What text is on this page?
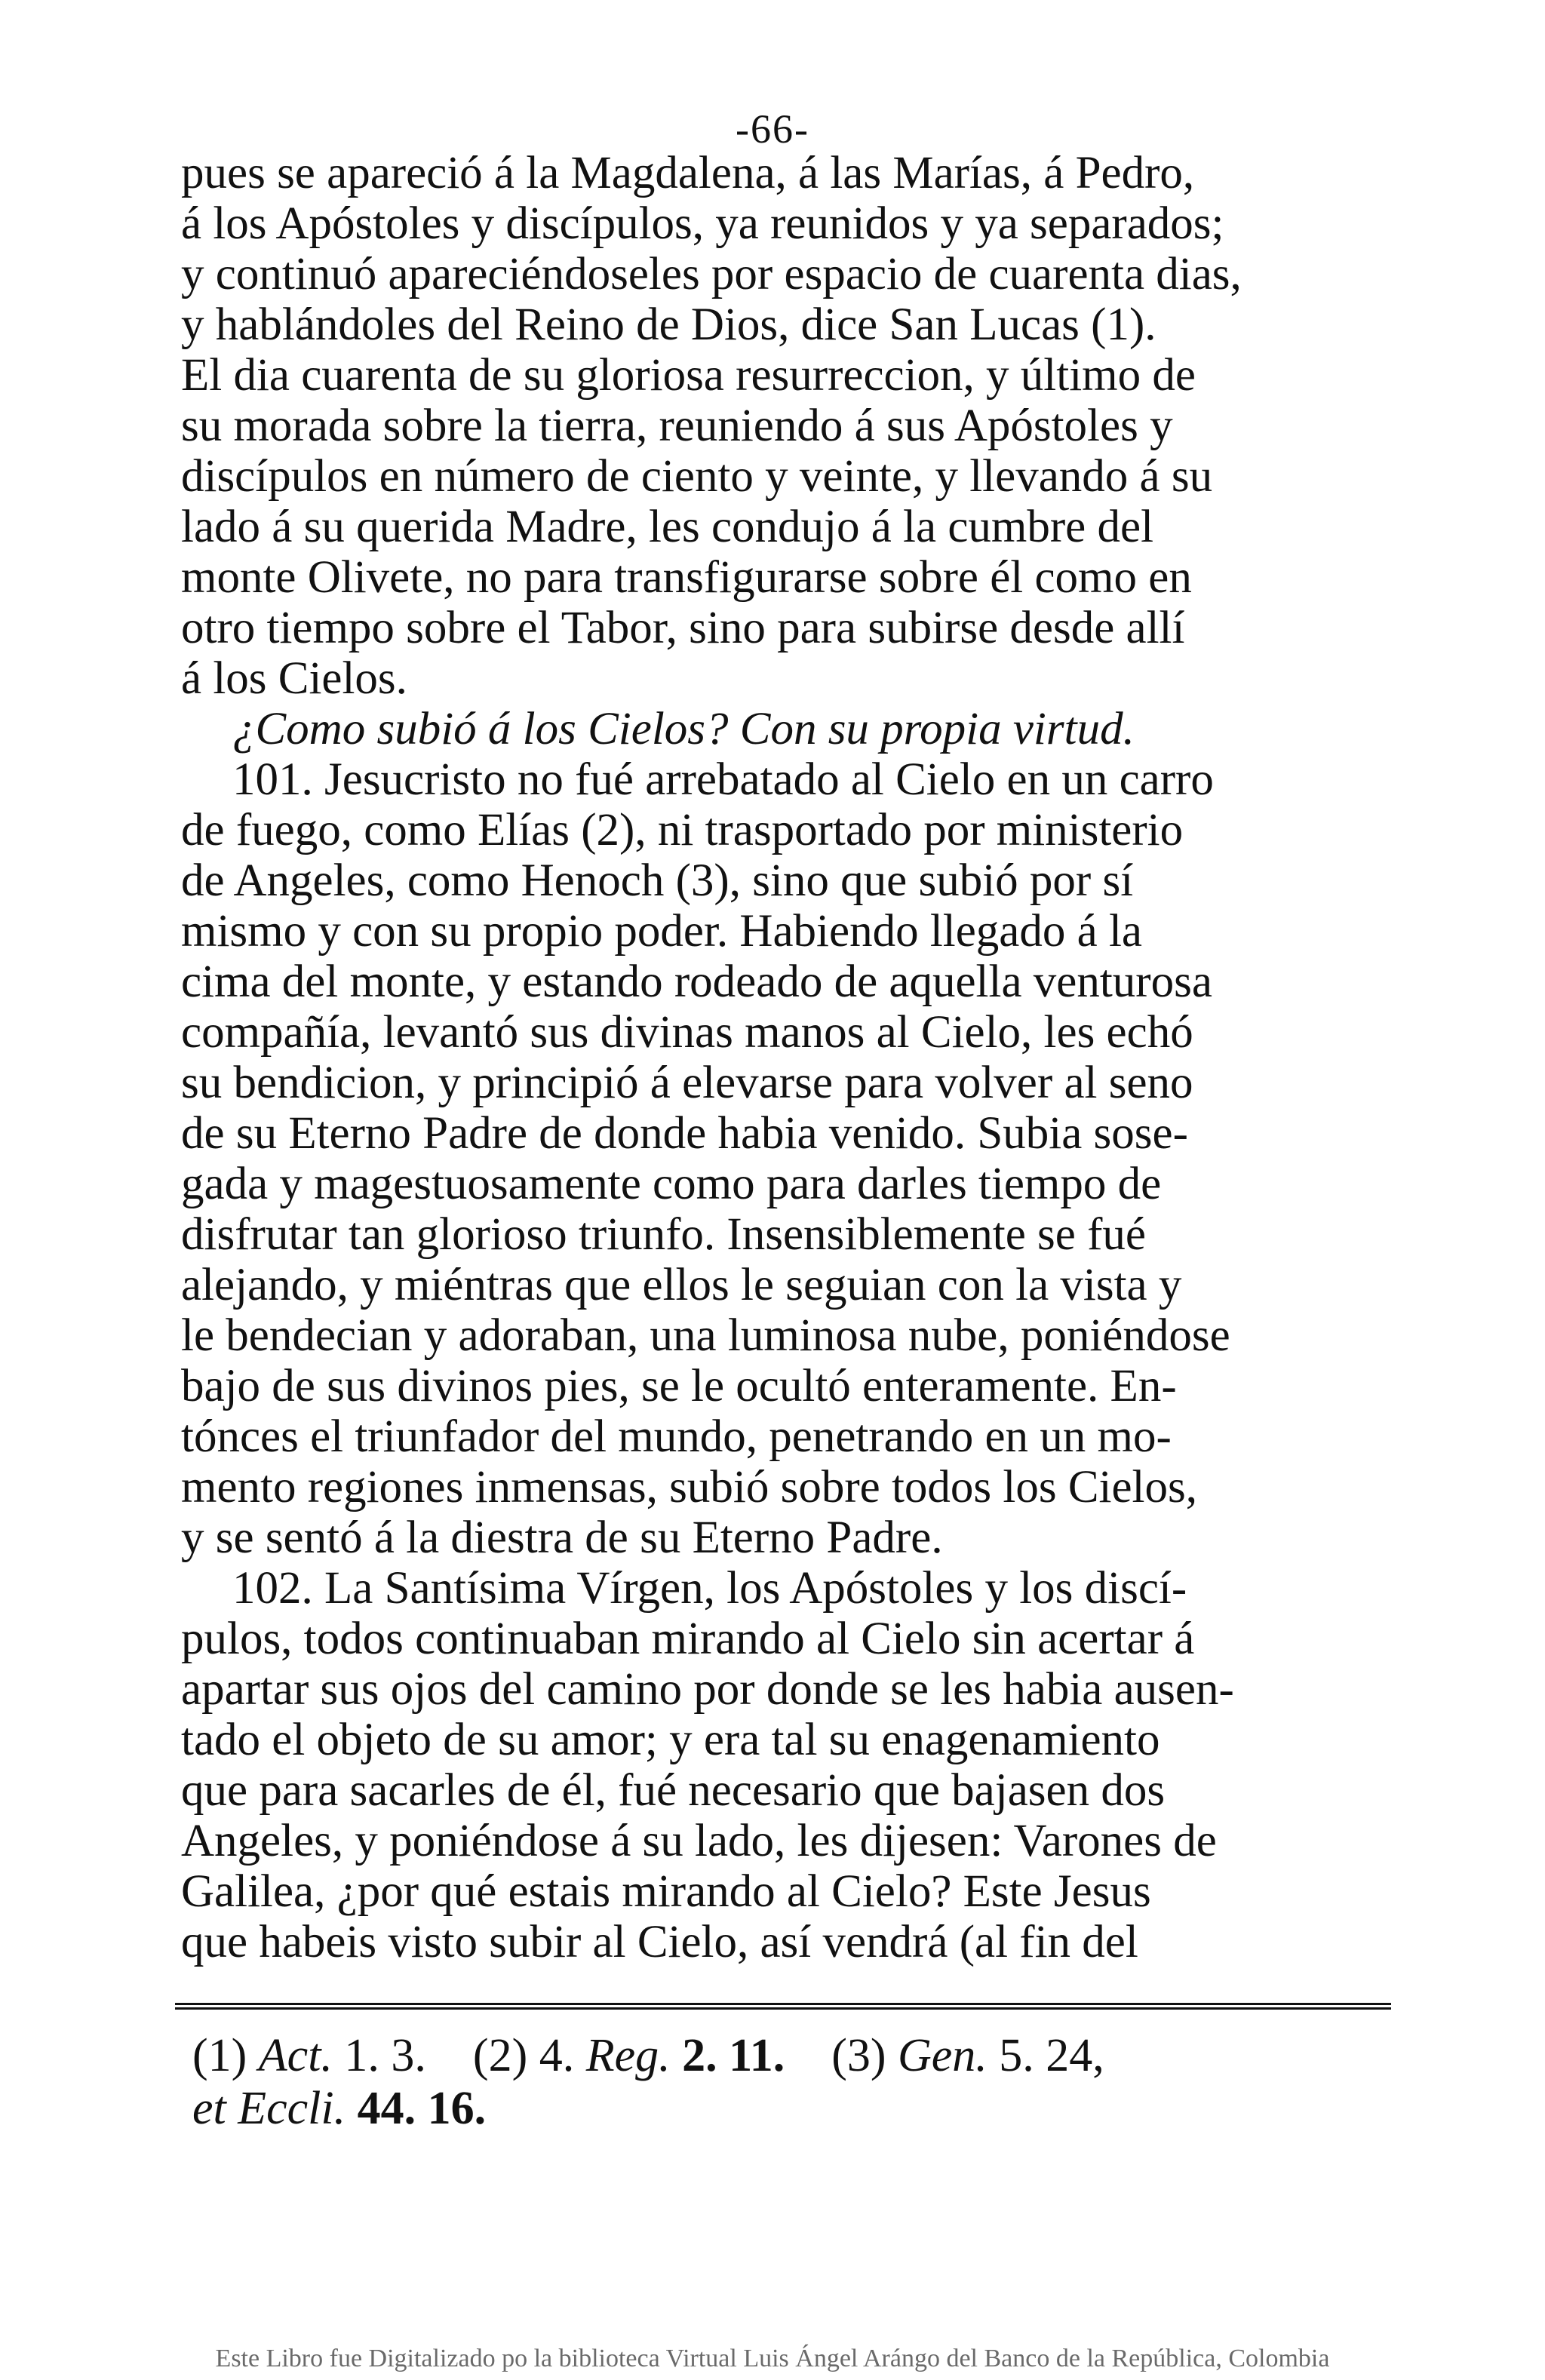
-66-
pues se apareció á la Magdalena, á las Marías, á Pedro,
á los Apóstoles y discípulos, ya reunidos y ya separados;
y continuó apareciéndoseles por espacio de cuarenta dias,
y hablándoles del Reino de Dios, dice San Lucas (1).
El dia cuarenta de su gloriosa resurreccion, y último de
su morada sobre la tierra, reuniendo á sus Apóstoles y
discípulos en número de ciento y veinte, y llevando á su
lado á su querida Madre, les condujo á la cumbre del
monte Olivete, no para transfigurarse sobre él como en
otro tiempo sobre el Tabor, sino para subirse desde allí
á los Cielos.
¿Como subió á los Cielos? Con su propia virtud.
101. Jesucristo no fué arrebatado al Cielo en un carro
de fuego, como Elías (2), ni trasportado por ministerio
de Angeles, como Henoch (3), sino que subió por sí
mismo y con su propio poder. Habiendo llegado á la
cima del monte, y estando rodeado de aquella venturosa
compañía, levantó sus divinas manos al Cielo, les echó
su bendicion, y principió á elevarse para volver al seno
de su Eterno Padre de donde habia venido. Subia sose-
gada y magestuosamente como para darles tiempo de
disfrutar tan glorioso triunfo. Insensiblemente se fué
alejando, y miéntras que ellos le seguian con la vista y
le bendecian y adoraban, una luminosa nube, poniéndose
bajo de sus divinos pies, se le ocultó enteramente. En-
tónces el triunfador del mundo, penetrando en un mo-
mento regiones inmensas, subió sobre todos los Cielos,
y se sentó á la diestra de su Eterno Padre.
102. La Santísima Vírgen, los Apóstoles y los discí-
pulos, todos continuaban mirando al Cielo sin acertar á
apartar sus ojos del camino por donde se les habia ausen-
tado el objeto de su amor; y era tal su enagenamiento
que para sacarles de él, fué necesario que bajasen dos
Angeles, y poniéndose á su lado, les dijesen: Varones de
Galilea, ¿por qué estais mirando al Cielo? Este Jesus
que habeis visto subir al Cielo, así vendrá (al fin del
(1) Act. 1. 3. (2) 4. Reg. 2. 11. (3) Gen. 5. 24,
et Eccli. 44. 16.
Este Libro fue Digitalizado po la biblioteca Virtual Luis Ángel Arángo del Banco de la República, Colombia
